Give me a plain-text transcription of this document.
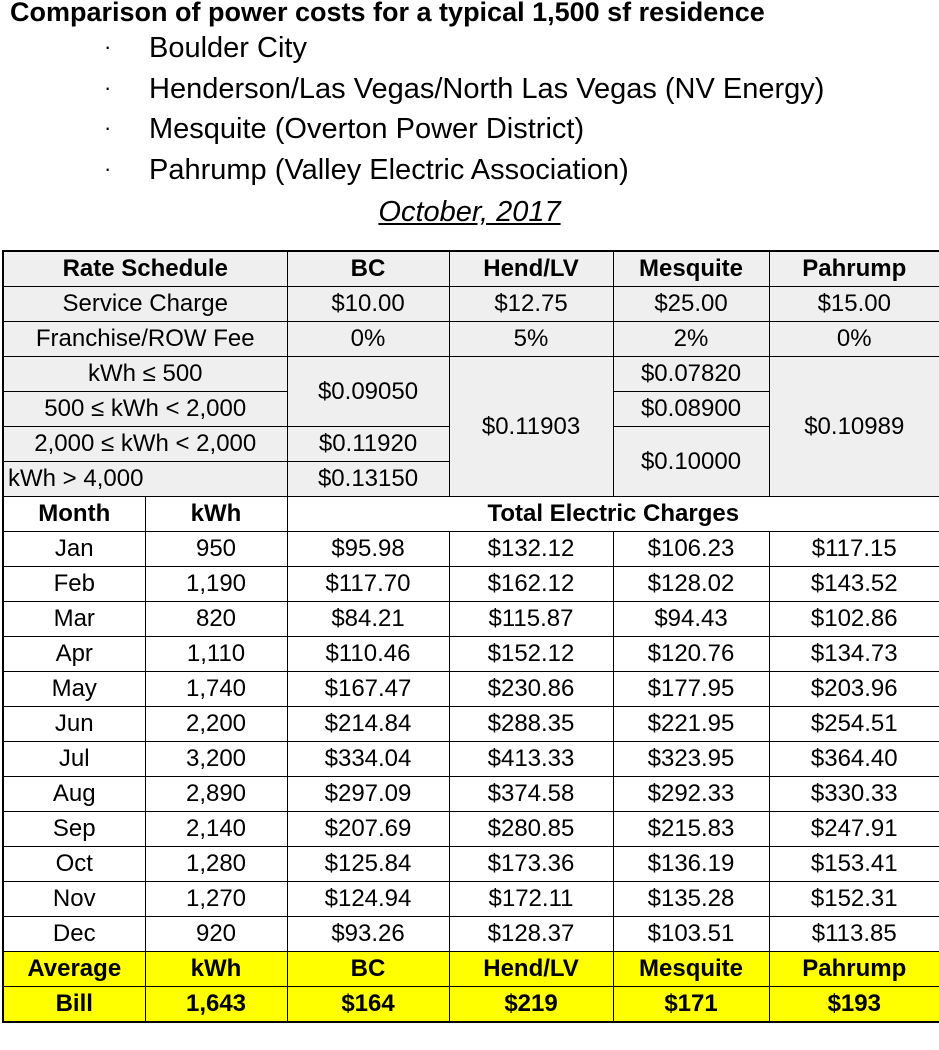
Comparison of power costs for a typical 1,500 sf residence
· Boulder City
· Henderson/Las Vegas/North Las Vegas (NV Energy)
· Mesquite (Overton Power District)
· Pahrump (Valley Electric Association)
October, 2017
Rate Schedule		BC	Hend/LV	Mesquite	Pahrump
Service Charge		$10.00	$12.75	$25.00	$15.00
Franchise/ROW Fee		0%	5%	2%	0%
kWh ≤ 500		$0.09050	$0.11903	$0.07820	$0.10989
500 ≤ kWh < 2,000				$0.08900	
2,000 ≤ kWh < 2,000		$0.11920		$0.10000	
kWh > 4,000		$0.13150			
Month	kWh	Total Electric Charges			
Jan	950	$95.98	$132.12	$106.23	$117.15
Feb	1,190	$117.70	$162.12	$128.02	$143.52
Mar	820	$84.21	$115.87	$94.43	$102.86
Apr	1,110	$110.46	$152.12	$120.76	$134.73
May	1,740	$167.47	$230.86	$177.95	$203.96
Jun	2,200	$214.84	$288.35	$221.95	$254.51
Jul	3,200	$334.04	$413.33	$323.95	$364.40
Aug	2,890	$297.09	$374.58	$292.33	$330.33
Sep	2,140	$207.69	$280.85	$215.83	$247.91
Oct	1,280	$125.84	$173.36	$136.19	$153.41
Nov	1,270	$124.94	$172.11	$135.28	$152.31
Dec	920	$93.26	$128.37	$103.51	$113.85
Average	kWh	BC	Hend/LV	Mesquite	Pahrump
Bill	1,643	$164	$219	$171	$193
